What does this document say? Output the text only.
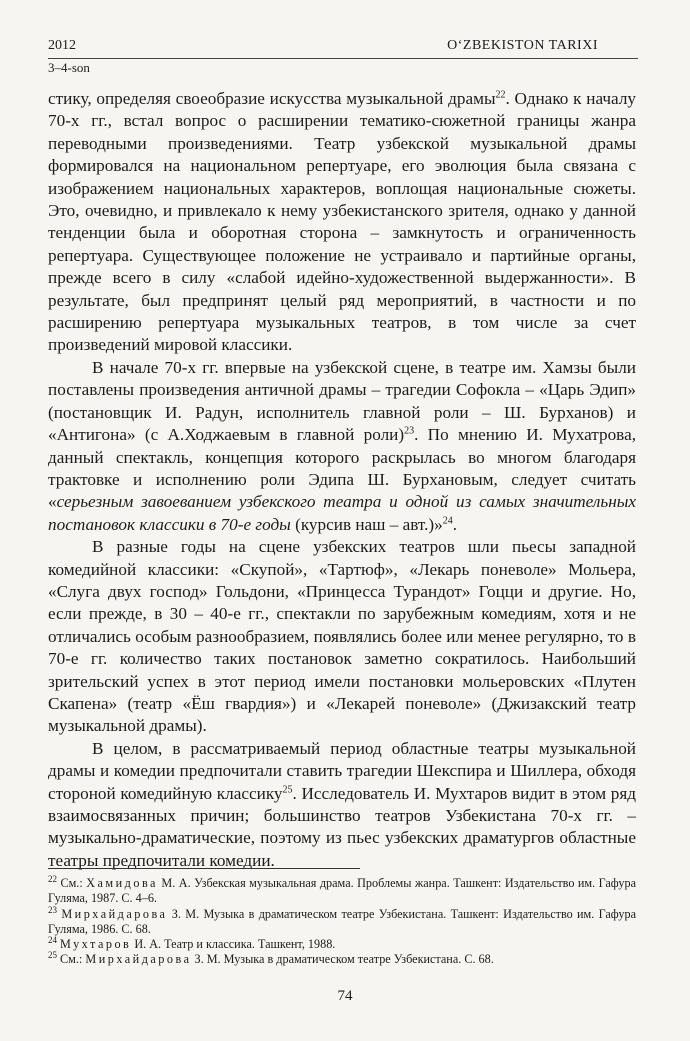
2012	O‘ZBEKISTON TARIXI
3–4-son

стику, определяя своеобразие искусства музыкальной драмы$^{22}$. Однако к началу 70-х гг., встал вопрос о расширении тематико-сюжетной границы жанра переводными произведениями. Театр узбекской музыкальной драмы формировался на национальном репертуаре, его эволюция была связана с изображением национальных характеров, воплощая национальные сюжеты. Это, очевидно, и привлекало к нему узбекистанского зрителя, однако у данной тенденции была и оборотная сторона – замкнутость и ограниченность репертуара. Существующее положение не устраивало и партийные органы, прежде всего в силу «слабой идейно-художественной выдержанности». В результате, был предпринят целый ряд мероприятий, в частности и по расширению репертуара музыкальных театров, в том числе за счет произведений мировой классики.

В начале 70-х гг. впервые на узбекской сцене, в театре им. Хамзы были поставлены произведения античной драмы – трагедии Софокла – «Царь Эдип» (постановщик И. Радун, исполнитель главной роли – Ш. Бурханов) и «Антигона» (с А.Ходжаевым в главной роли)$^{23}$. По мнению И. Мухатрова, данный спектакль, концепция которого раскрылась во многом благодаря трактовке и исполнению роли Эдипа Ш. Бурхановым, следует считать «серьезным завоеванием узбекского театра и одной из самых значительных постановок классики в 70-е годы (курсив наш – авт.)»$^{24}$.

В разные годы на сцене узбекских театров шли пьесы западной комедийной классики: «Скупой», «Тартюф», «Лекарь поневоле» Мольера, «Слуга двух господ» Гольдони, «Принцесса Турандот» Гоцци и другие. Но, если прежде, в 30 – 40-е гг., спектакли по зарубежным комедиям, хотя и не отличались особым разнообразием, появлялись более или менее регулярно, то в 70-е гг. количество таких постановок заметно сократилось. Наибольший зрительский успех в этот период имели постановки мольеровских «Плутен Скапена» (театр «Ёш гвардия») и «Лекарей поневоле» (Джизакский театр музыкальной драмы).

В целом, в рассматриваемый период областные театры музыкальной драмы и комедии предпочитали ставить трагедии Шекспира и Шиллера, обходя стороной комедийную классику$^{25}$. Исследователь И. Мухтаров видит в этом ряд взаимосвязанных причин; большинство театров Узбекистана 70-х гг. – музыкально-драматические, поэтому из пьес узбекских драматургов областные театры предпочитали комедии.

$^{22}$ См.: Хамидова М. А. Узбекская музыкальная драма. Проблемы жанра. Ташкент: Издательство им. Гафура Гуляма, 1987. С. 4–6.
$^{23}$ Мирхайдарова З. М. Музыка в драматическом театре Узбекистана. Ташкент: Издательство им. Гафура Гуляма, 1986. С. 68.
$^{24}$ Мухтаров И. А. Театр и классика. Ташкент, 1988.
$^{25}$ См.: Мирхайдарова З. М. Музыка в драматическом театре Узбекистана. С. 68.
74
